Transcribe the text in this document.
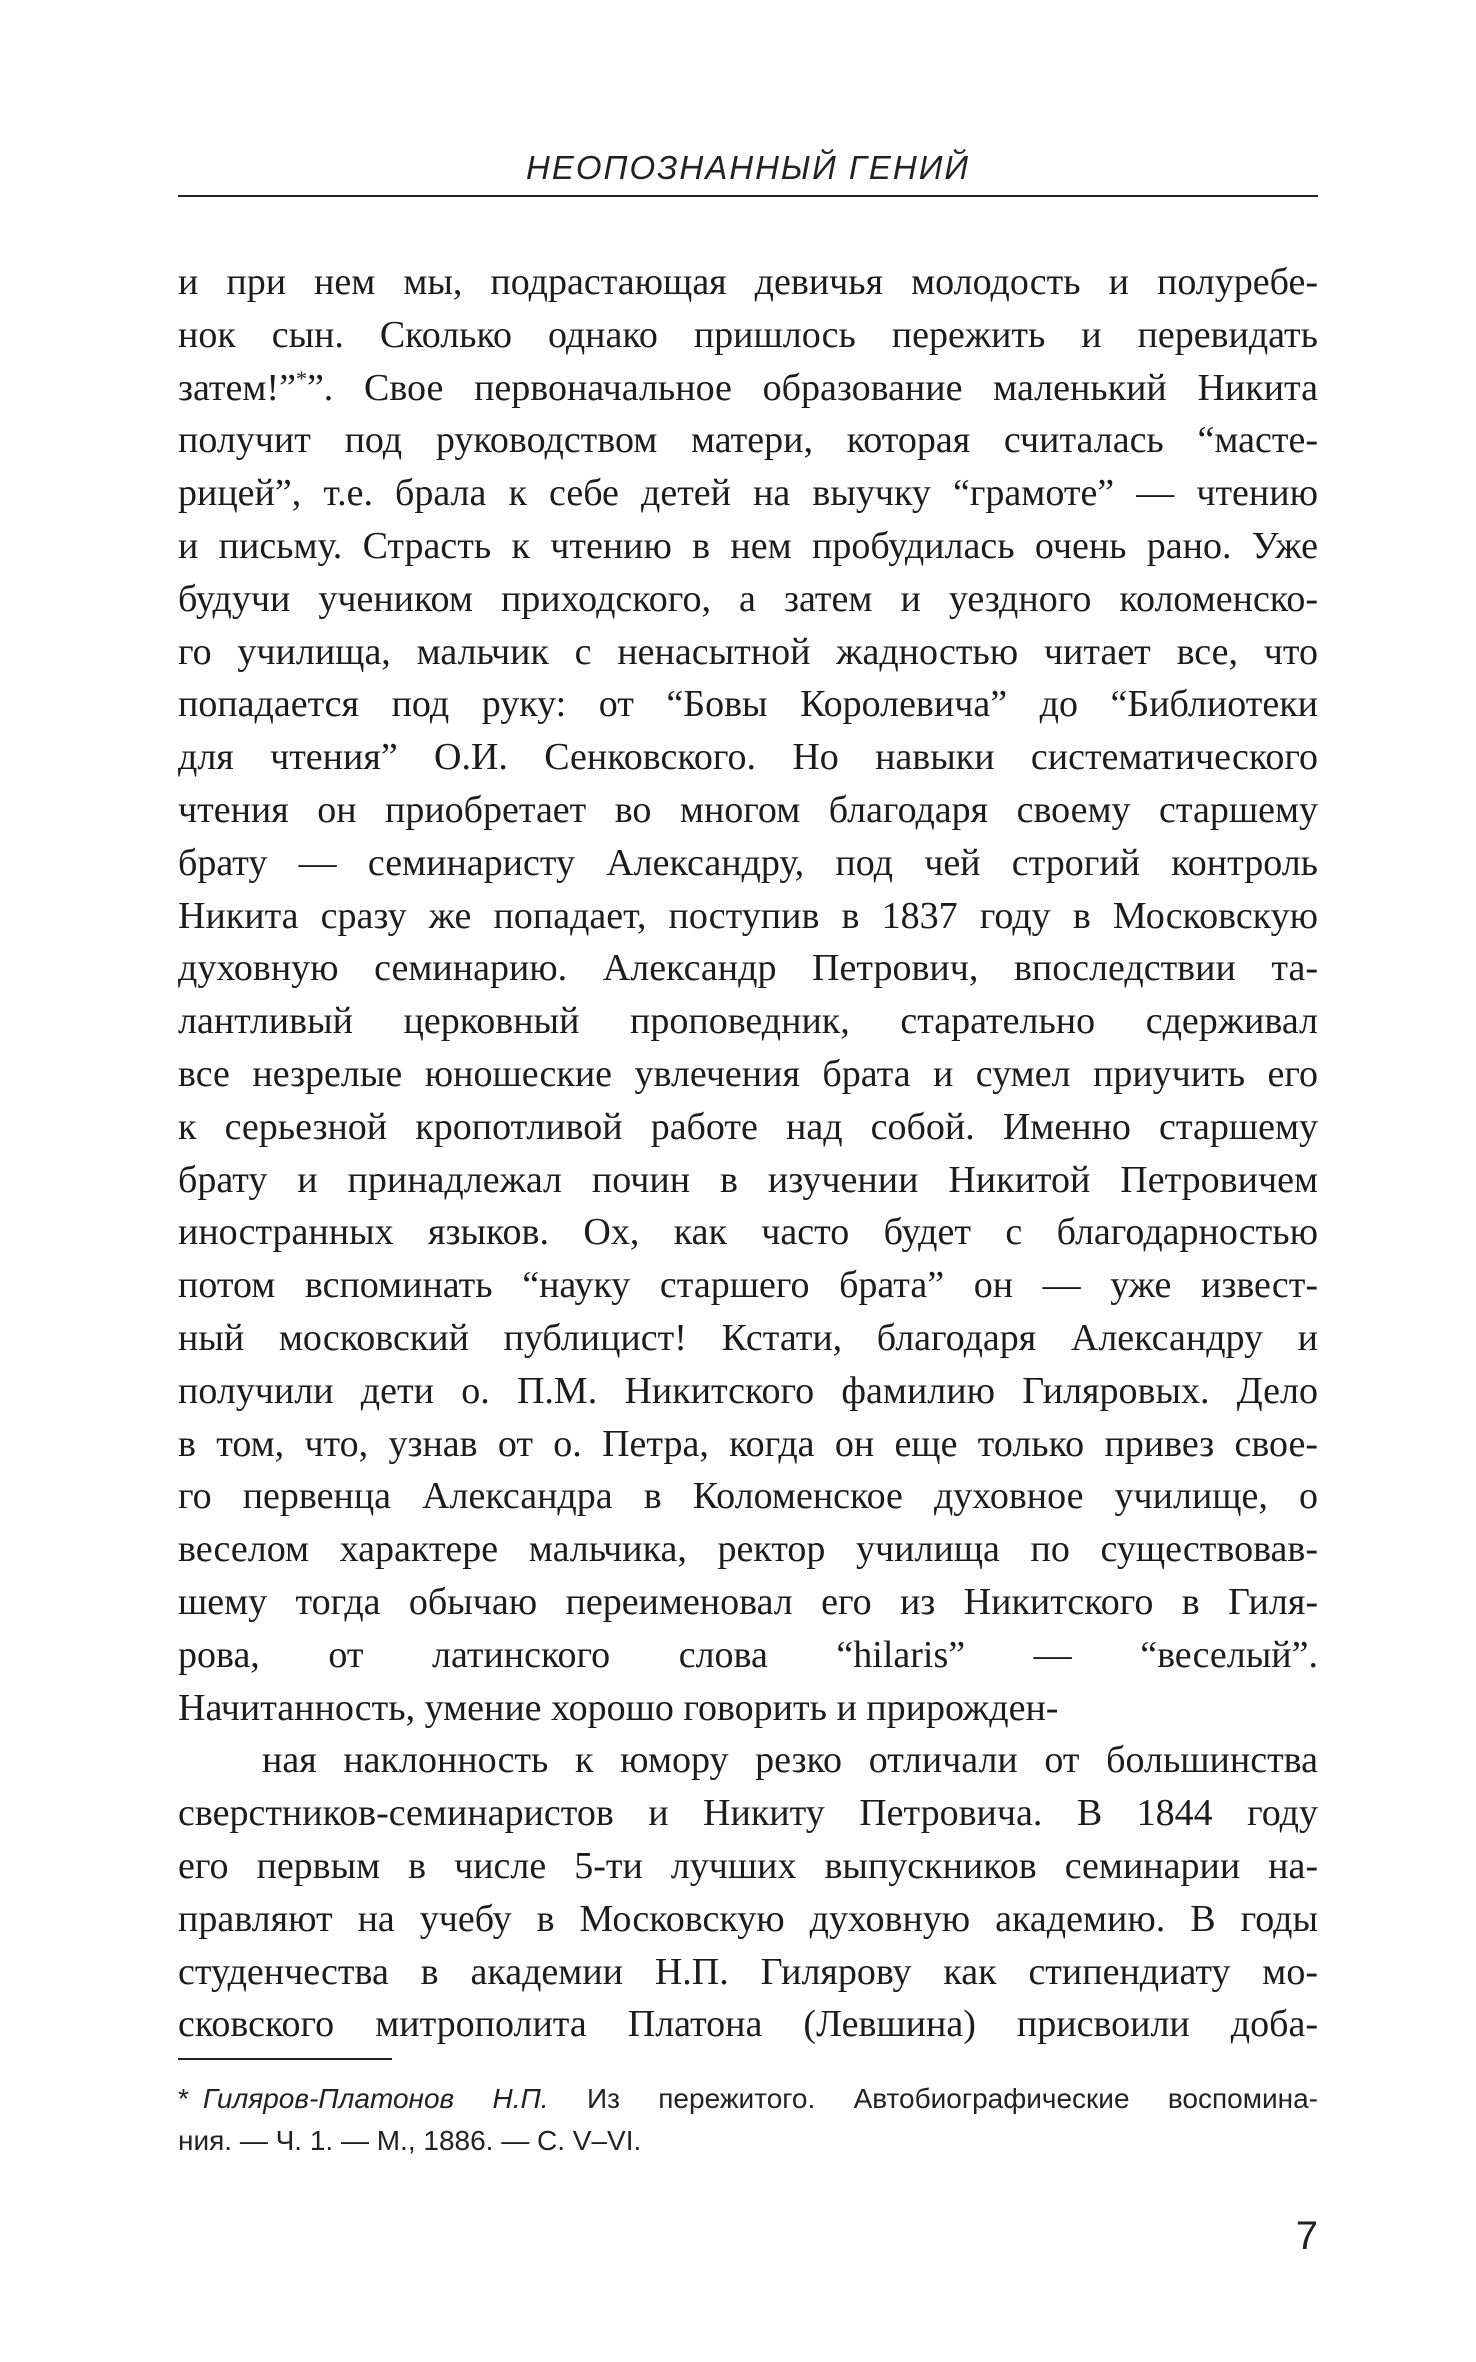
НЕОПОЗНАННЫЙ ГЕНИЙ
и при нем мы, подрастающая девичья молодость и полуребе-
нок сын. Сколько однако пришлось пережить и перевидать
затем!”*”. Свое первоначальное образование маленький Никита
получит под руководством матери, которая считалась “масте-
рицей”, т.е. брала к себе детей на выучку “грамоте” — чтению
и письму. Страсть к чтению в нем пробудилась очень рано. Уже
будучи учеником приходского, а затем и уездного коломенско-
го училища, мальчик с ненасытной жадностью читает все, что
попадается под руку: от “Бовы Королевича” до “Библиотеки
для чтения” О.И. Сенковского. Но навыки систематического
чтения он приобретает во многом благодаря своему старшему
брату — семинаристу Александру, под чей строгий контроль
Никита сразу же попадает, поступив в 1837 году в Московскую
духовную семинарию. Александр Петрович, впоследствии та-
лантливый церковный проповедник, старательно сдерживал
все незрелые юношеские увлечения брата и сумел приучить его
к серьезной кропотливой работе над собой. Именно старшему
брату и принадлежал почин в изучении Никитой Петровичем
иностранных языков. Ох, как часто будет с благодарностью
потом вспоминать “науку старшего брата” он — уже извест-
ный московский публицист! Кстати, благодаря Александру и
получили дети о. П.М. Никитского фамилию Гиляровых. Дело
в том, что, узнав от о. Петра, когда он еще только привез свое-
го первенца Александра в Коломенское духовное училище, о
веселом характере мальчика, ректор училища по существовав-
шему тогда обычаю переименовал его из Никитского в Гиля-
рова, от латинского слова “hilaris” — “веселый”.
Начитанность, умение хорошо говорить и прирожден-
ная наклонность к юмору резко отличали от большинства
сверстников-семинаристов и Никиту Петровича. В 1844 году
его первым в числе 5-ти лучших выпускников семинарии на-
правляют на учебу в Московскую духовную академию. В годы
студенчества в академии Н.П. Гилярову как стипендиату мо-
сковского митрополита Платона (Левшина) присвоили доба-
* Гиляров-Платонов Н.П. Из пережитого. Автобиографические воспомина-
ния. — Ч. 1. — М., 1886. — С. V–VI.
7
